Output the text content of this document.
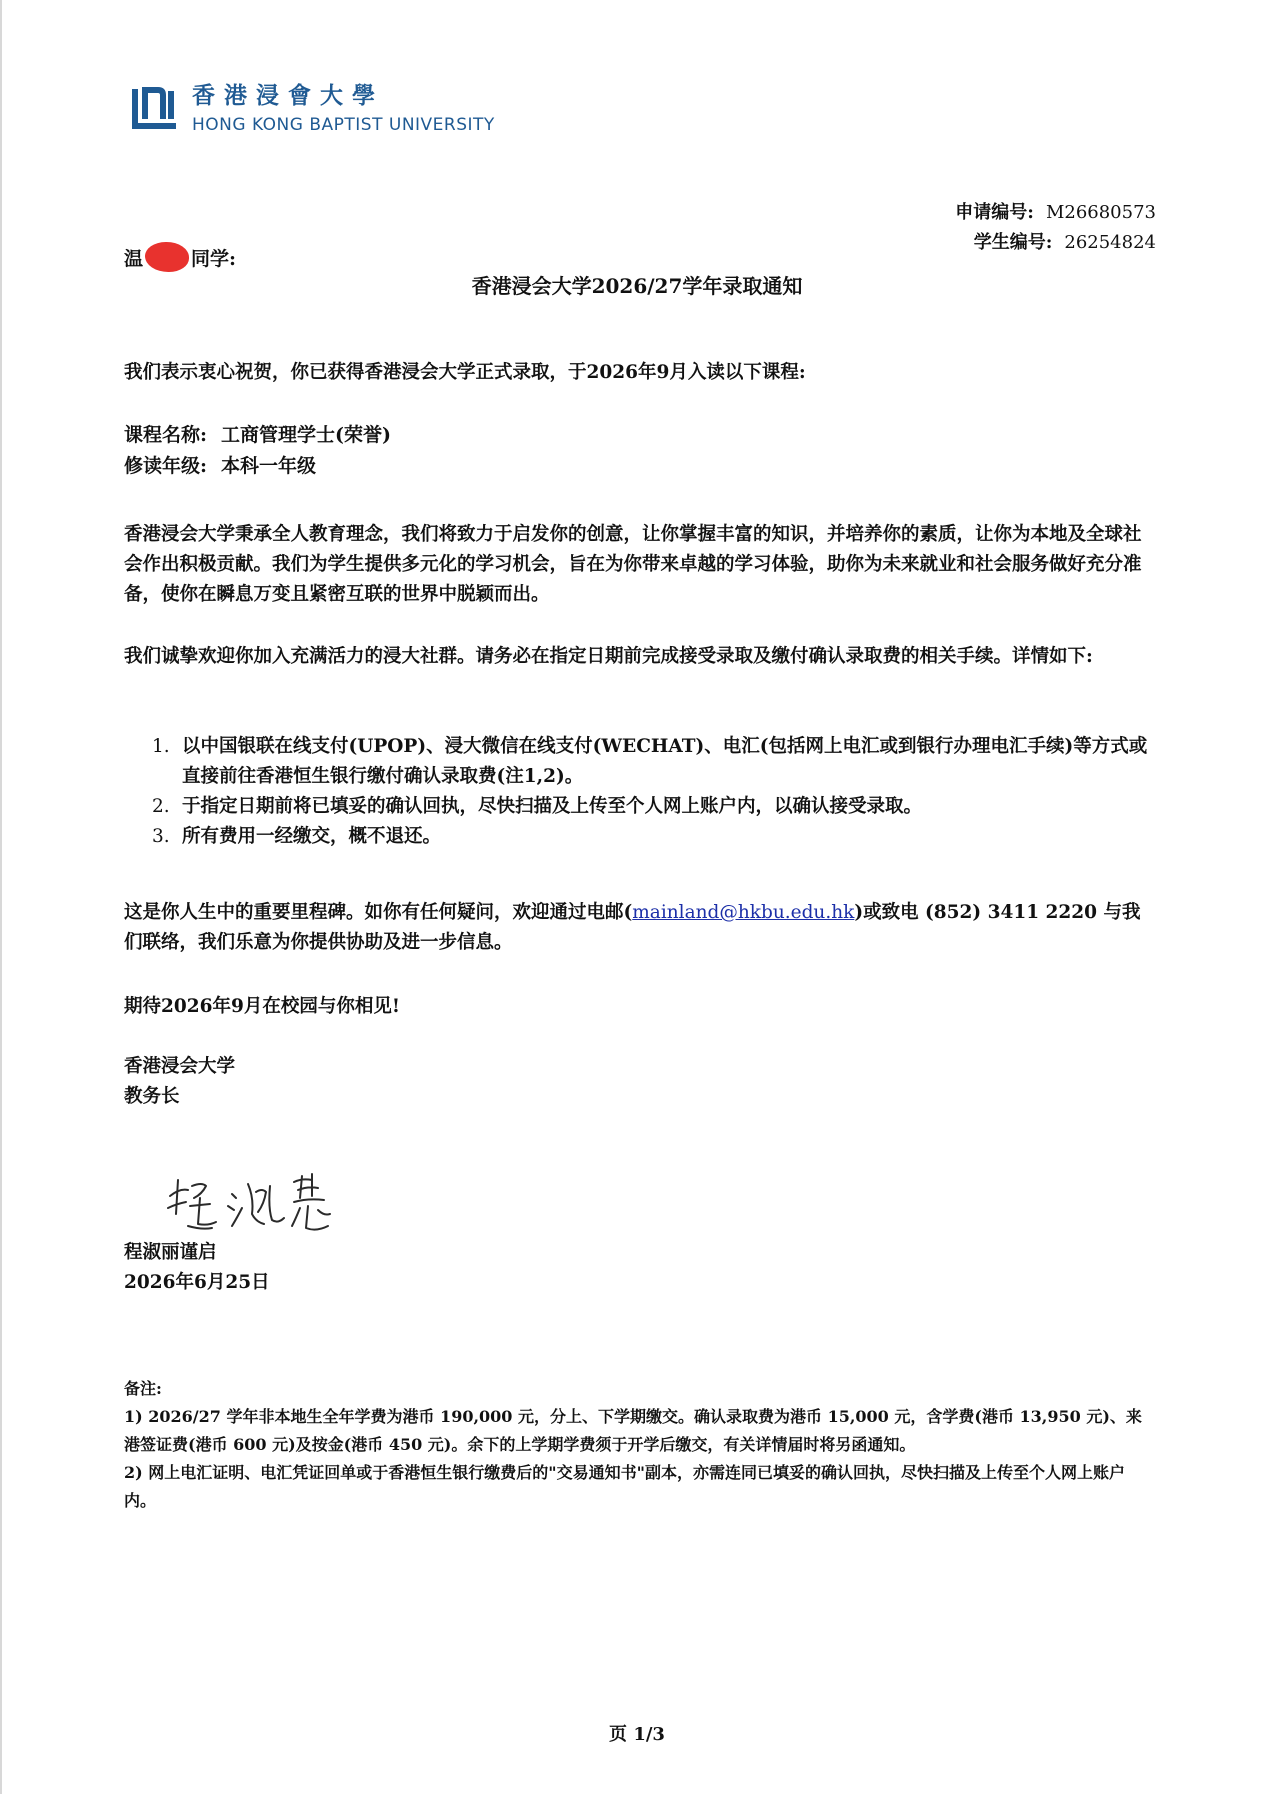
香港浸會大學
HONG KONG BAPTIST UNIVERSITY
申请编号: M26680573
学生编号: 26254824
温	同学:
香港浸会大学2026/27学年录取通知
我们表示衷心祝贺，你已获得香港浸会大学正式录取，于2026年9月入读以下课程:
课程名称: 工商管理学士(荣誉)
修读年级: 本科一年级
香港浸会大学秉承全人教育理念，我们将致力于启发你的创意，让你掌握丰富的知识，并培养你的素质，让你为本地及全球社会作出积极贡献。我们为学生提供多元化的学习机会，旨在为你带来卓越的学习体验，助你为未来就业和社会服务做好充分准备，使你在瞬息万变且紧密互联的世界中脱颖而出。
我们诚挚欢迎你加入充满活力的浸大社群。请务必在指定日期前完成接受录取及缴付确认录取费的相关手续。详情如下:
1. 以中国银联在线支付(UPOP)、浸大微信在线支付(WECHAT)、电汇(包括网上电汇或到银行办理电汇手续)等方式或直接前往香港恒生银行缴付确认录取费(注1,2)。
2. 于指定日期前将已填妥的确认回执，尽快扫描及上传至个人网上账户内，以确认接受录取。
3. 所有费用一经缴交，概不退还。
这是你人生中的重要里程碑。如你有任何疑问，欢迎通过电邮(mainland@hkbu.edu.hk)或致电 (852) 3411 2220 与我们联络，我们乐意为你提供协助及进一步信息。
期待2026年9月在校园与你相见!
香港浸会大学
教务长
程淑丽谨启
2026年6月25日
备注:
1) 2026/27 学年非本地生全年学费为港币 190,000 元，分上、下学期缴交。确认录取费为港币 15,000 元，含学费(港币 13,950 元)、来港签证费(港币 600 元)及按金(港币 450 元)。余下的上学期学费须于开学后缴交，有关详情届时将另函通知。
2) 网上电汇证明、电汇凭证回单或于香港恒生银行缴费后的"交易通知书"副本，亦需连同已填妥的确认回执，尽快扫描及上传至个人网上账户内。
页 1/3
